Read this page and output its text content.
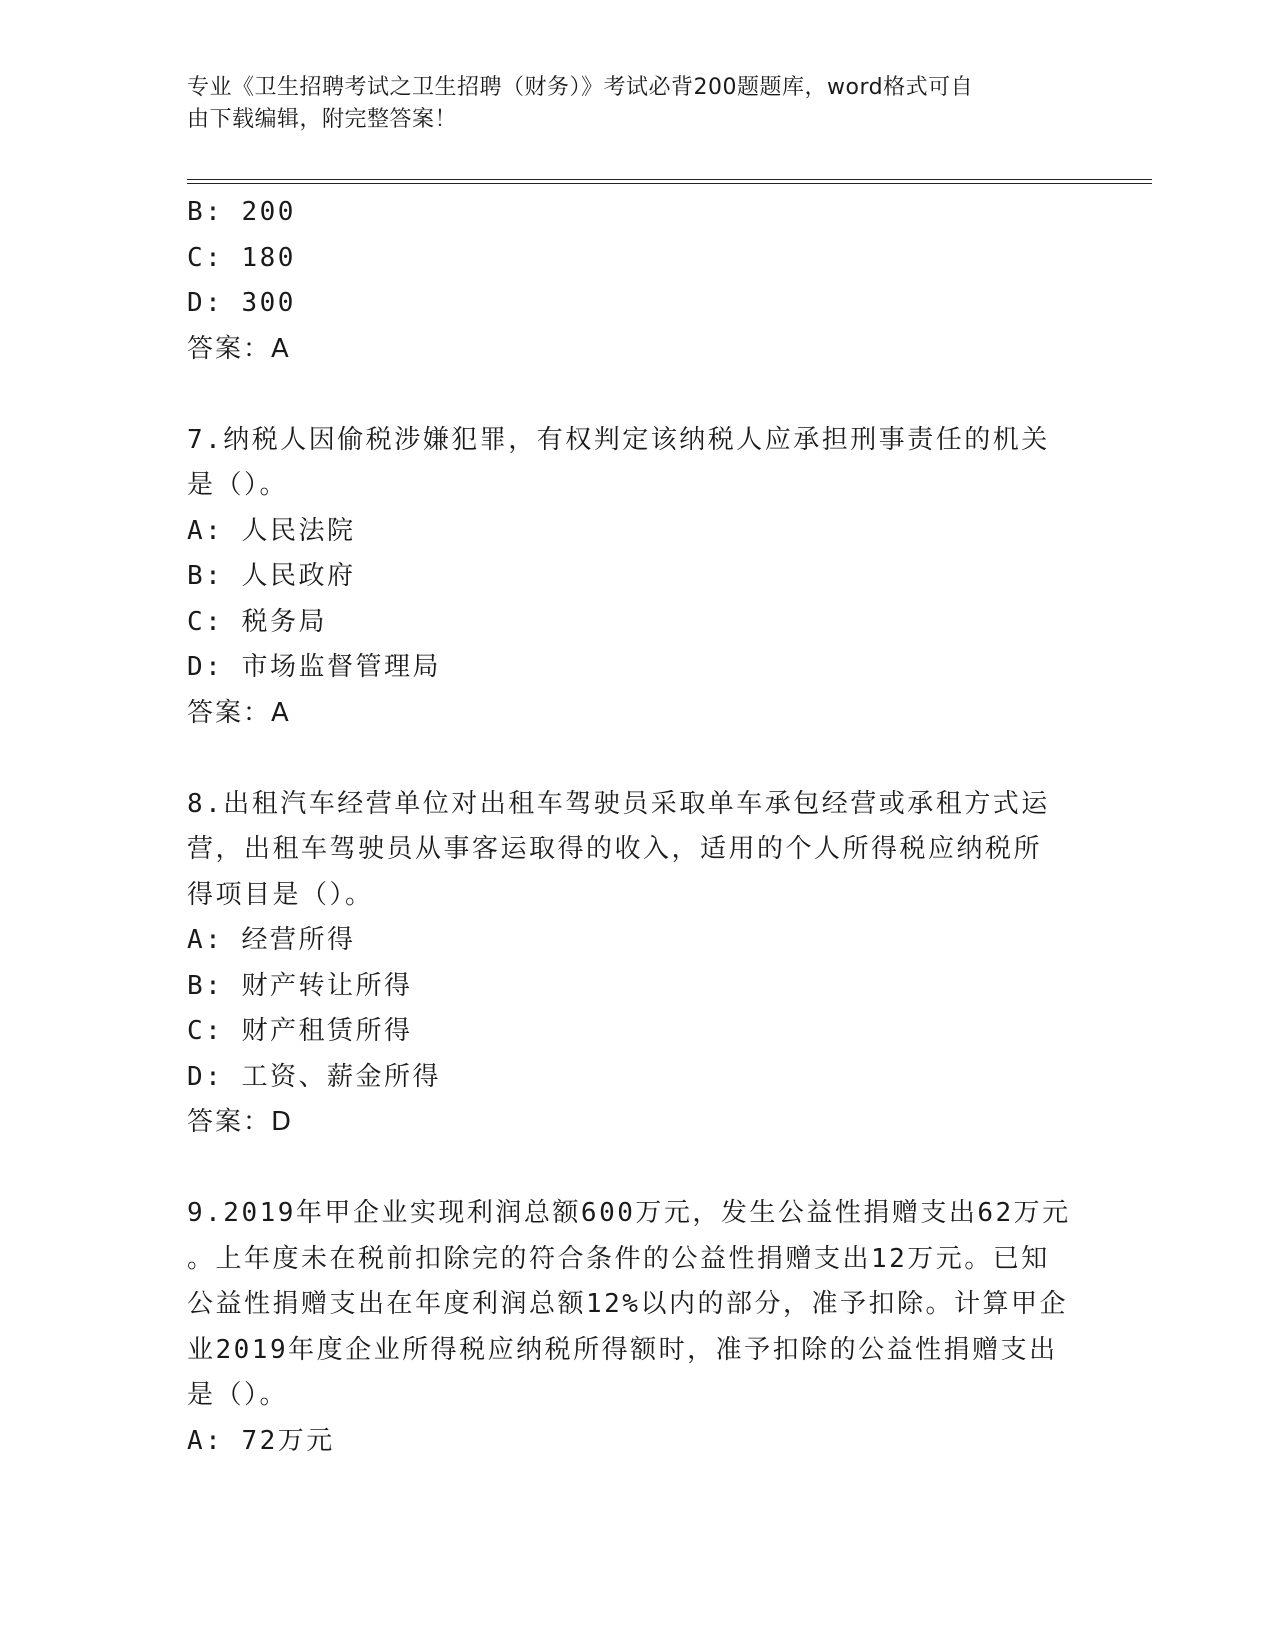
专业《卫生招聘考试之卫生招聘（财务）》考试必背200题题库，word格式可自
由下载编辑，附完整答案！
B: 200
C: 180
D: 300
答案：A
7.纳税人因偷税涉嫌犯罪，有权判定该纳税人应承担刑事责任的机关
是（）。
A: 人民法院
B: 人民政府
C: 税务局
D: 市场监督管理局
答案：A
8.出租汽车经营单位对出租车驾驶员采取单车承包经营或承租方式运
营，出租车驾驶员从事客运取得的收入，适用的个人所得税应纳税所
得项目是（）。
A: 经营所得
B: 财产转让所得
C: 财产租赁所得
D: 工资、薪金所得
答案：D
9.2019年甲企业实现利润总额600万元，发生公益性捐赠支出62万元
。上年度未在税前扣除完的符合条件的公益性捐赠支出12万元。已知
公益性捐赠支出在年度利润总额12%以内的部分，准予扣除。计算甲企
业2019年度企业所得税应纳税所得额时，准予扣除的公益性捐赠支出
是（）。
A: 72万元
